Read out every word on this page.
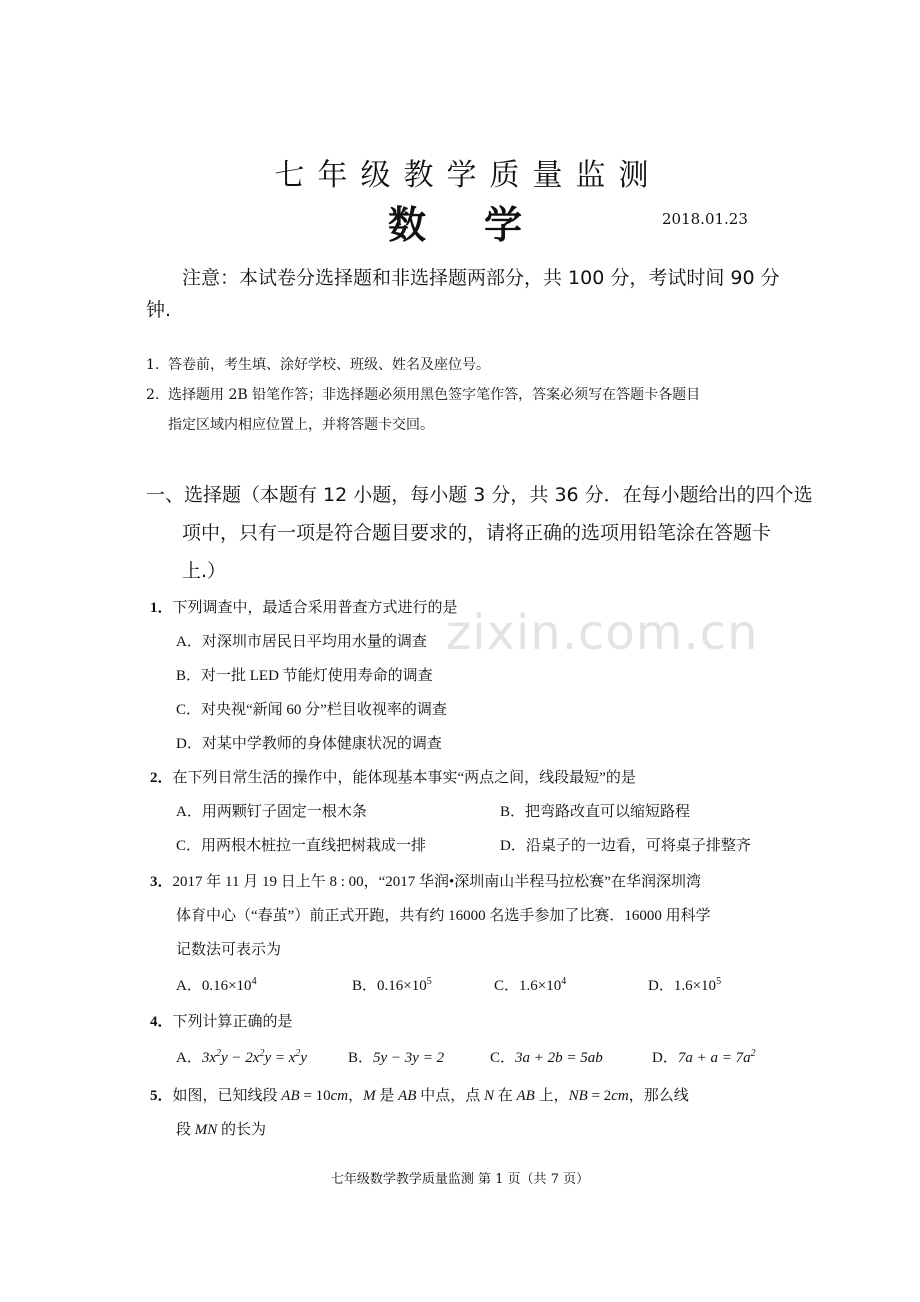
zixin.com.cn
七年级教学质量监测
数学	2018.01.23
注意：本试卷分选择题和非选择题两部分，共 100 分，考试时间 90 分钟.
1. 答卷前，考生填、涂好学校、班级、姓名及座位号。
2. 选择题用 2B 铅笔作答；非选择题必须用黑色签字笔作答，答案必须写在答题卡各题目
指定区域内相应位置上，并将答题卡交回。
一、选择题（本题有 12 小题，每小题 3 分，共 36 分．在每小题给出的四个选
项中，只有一项是符合题目要求的，请将正确的选项用铅笔涂在答题卡
上.）
1．下列调查中，最适合采用普查方式进行的是
A．对深圳市居民日平均用水量的调查
B．对一批 LED 节能灯使用寿命的调查
C．对央视“新闻 60 分”栏目收视率的调查
D．对某中学教师的身体健康状况的调查
2．在下列日常生活的操作中，能体现基本事实“两点之间，线段最短”的是
A．用两颗钉子固定一根木条	B．把弯路改直可以缩短路程
C．用两根木桩拉一直线把树栽成一排	D．沿桌子的一边看，可将桌子排整齐
3．2017 年 11 月 19 日上午 8 : 00，“2017 华润•深圳南山半程马拉松赛”在华润深圳湾
体育中心（“春茧”）前正式开跑，共有约 16000 名选手参加了比赛．16000 用科学
记数法可表示为
A．$0.16\times 10^4$	B．$0.16\times 10^5$	C．$1.6\times 10^4$	D．$1.6\times 10^5$
4．下列计算正确的是
A．$3x^2y - 2x^2y = x^2y$	B．5y − 3y = 2	C．3a + 2b = 5ab	D．$7a + a = 7a^2$
5．如图，已知线段 AB = 10cm，M 是 AB 中点，点 N 在 AB 上，NB = 2cm，那么线
段 MN 的长为
七年级数学教学质量监测 第 1 页（共 7 页）
